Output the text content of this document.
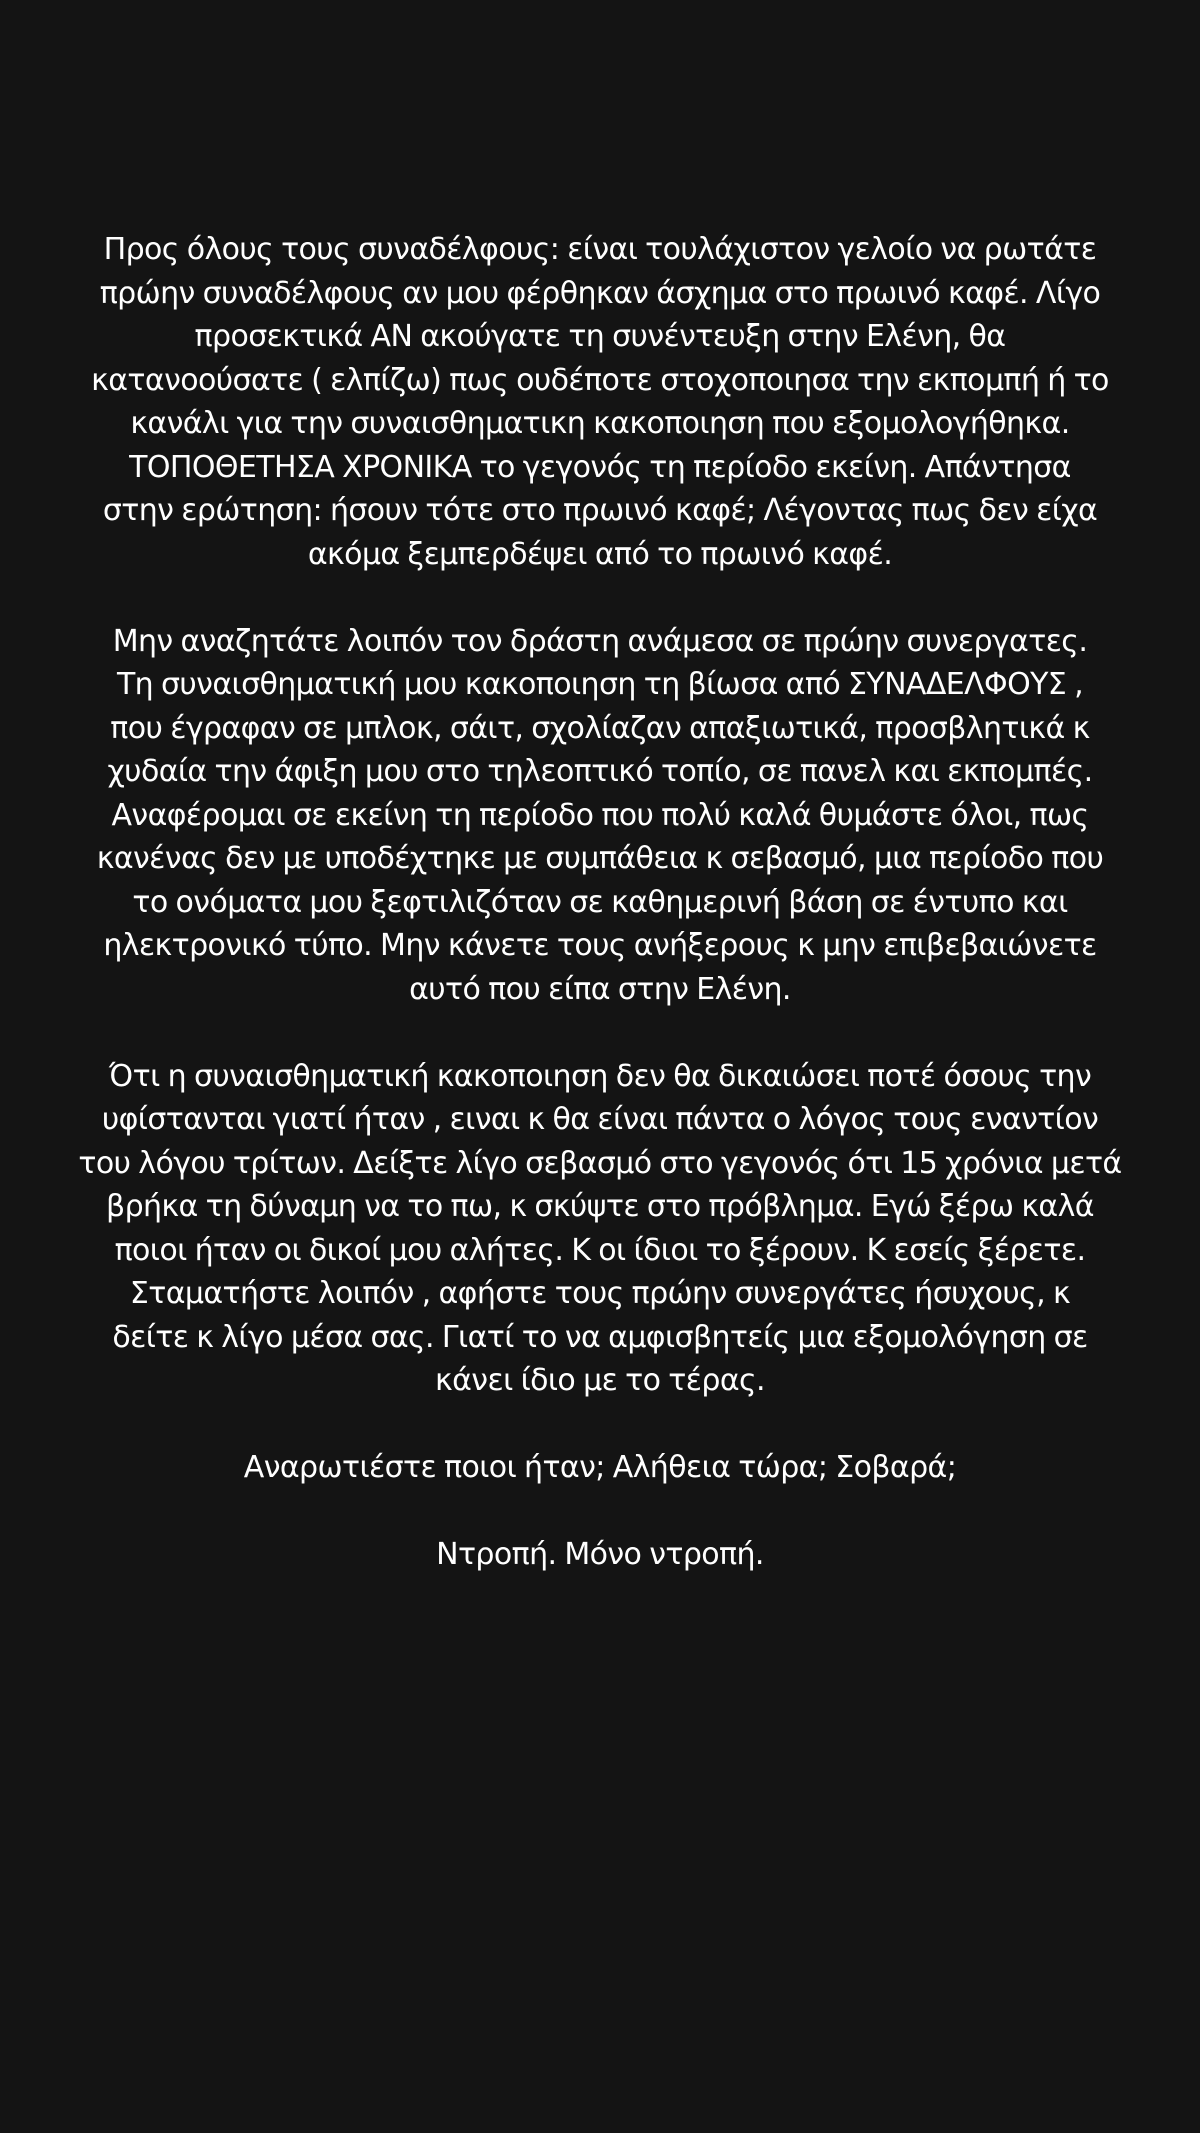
Προς όλους τους συναδέλφους: είναι τουλάχιστον γελοίο να ρωτάτε
πρώην συναδέλφους αν μου φέρθηκαν άσχημα στο πρωινό καφέ. Λίγο
προσεκτικά ΑΝ ακούγατε τη συνέντευξη στην Ελένη, θα
κατανοούσατε ( ελπίζω) πως ουδέποτε στοχοποιησα την εκπομπή ή το
κανάλι για την συναισθηματικη κακοποιηση που εξομολογήθηκα.
ΤΟΠΟΘΕΤΗΣΑ ΧΡΟΝΙΚΑ το γεγονός τη περίοδο εκείνη. Απάντησα
στην ερώτηση: ήσουν τότε στο πρωινό καφέ; Λέγοντας πως δεν είχα
ακόμα ξεμπερδέψει από το πρωινό καφέ.

Μην αναζητάτε λοιπόν τον δράστη ανάμεσα σε πρώην συνεργατες.
Τη συναισθηματική μου κακοποιηση τη βίωσα από ΣΥΝΑΔΕΛΦΟΥΣ ,
που έγραφαν σε μπλοκ, σάιτ, σχολίαζαν απαξιωτικά, προσβλητικά κ
χυδαία την άφιξη μου στο τηλεοπτικό τοπίο, σε πανελ και εκπομπές.
Αναφέρομαι σε εκείνη τη περίοδο που πολύ καλά θυμάστε όλοι, πως
κανένας δεν με υποδέχτηκε με συμπάθεια κ σεβασμό, μια περίοδο που
το ονόματα μου ξεφτιλιζόταν σε καθημερινή βάση σε έντυπο και
ηλεκτρονικό τύπο. Μην κάνετε τους ανήξερους κ μην επιβεβαιώνετε
αυτό που είπα στην Ελένη.

Ότι η συναισθηματική κακοποιηση δεν θα δικαιώσει ποτέ όσους την
υφίστανται γιατί ήταν , ειναι κ θα είναι πάντα ο λόγος τους εναντίον
του λόγου τρίτων. Δείξτε λίγο σεβασμό στο γεγονός ότι 15 χρόνια μετά
βρήκα τη δύναμη να το πω, κ σκύψτε στο πρόβλημα. Εγώ ξέρω καλά
ποιοι ήταν οι δικοί μου αλήτες. Κ οι ίδιοι το ξέρουν. Κ εσείς ξέρετε.
Σταματήστε λοιπόν , αφήστε τους πρώην συνεργάτες ήσυχους, κ
δείτε κ λίγο μέσα σας. Γιατί το να αμφισβητείς μια εξομολόγηση σε
κάνει ίδιο με το τέρας.

Αναρωτιέστε ποιοι ήταν; Αλήθεια τώρα; Σοβαρά;

Ντροπή. Μόνο ντροπή.
